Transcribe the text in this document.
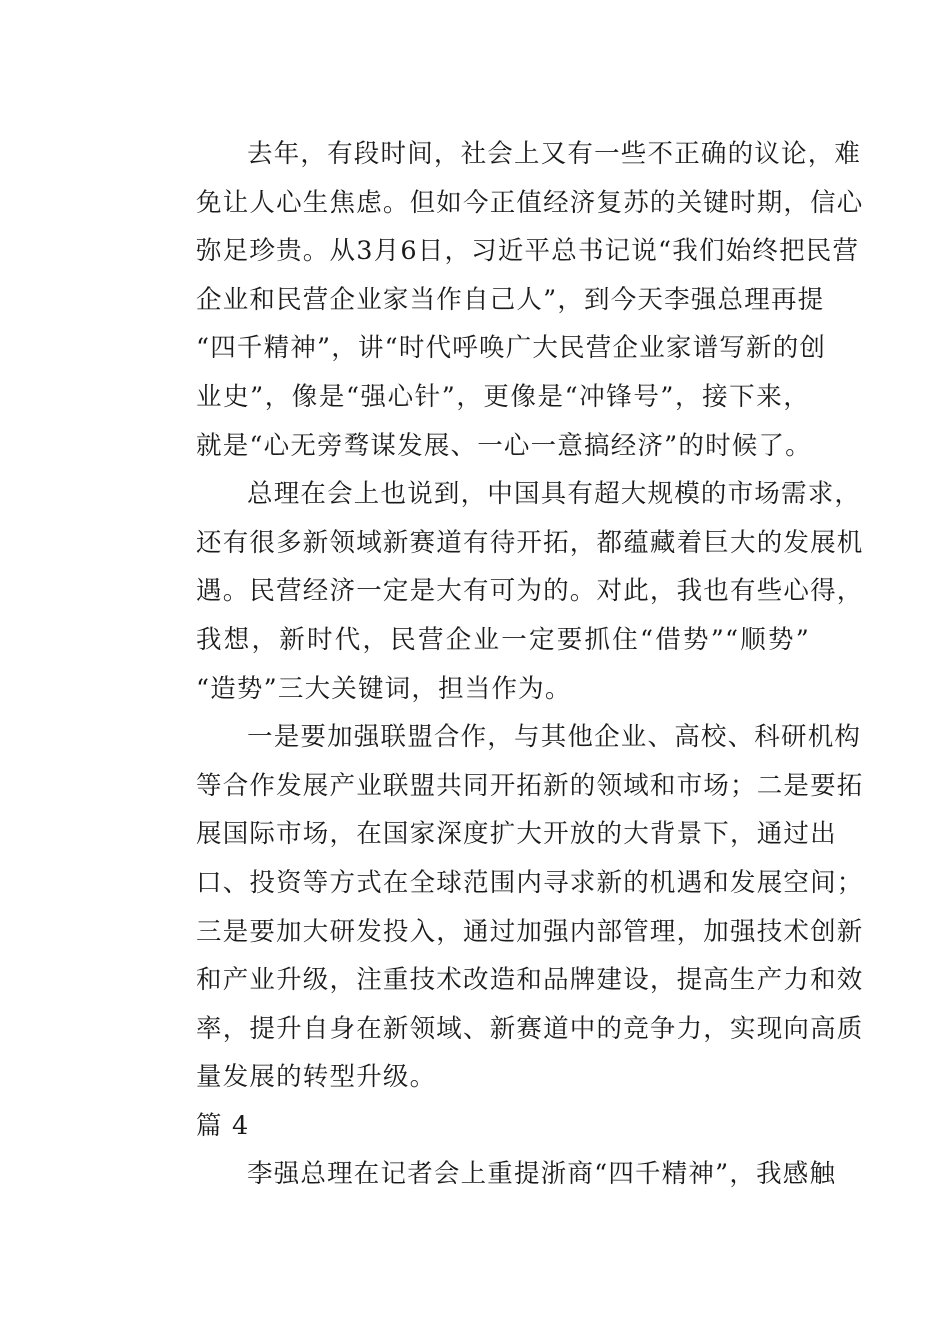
去年，有段时间，社会上又有一些不正确的议论，难
免让人心生焦虑。但如今正值经济复苏的关键时期，信心
弥足珍贵。从3月6日，习近平总书记说“我们始终把民营
企业和民营企业家当作自己人”，到今天李强总理再提
“四千精神”，讲“时代呼唤广大民营企业家谱写新的创
业史”，像是“强心针”，更像是“冲锋号”，接下来，
就是“心无旁骛谋发展、一心一意搞经济”的时候了。
总理在会上也说到，中国具有超大规模的市场需求，
还有很多新领域新赛道有待开拓，都蕴藏着巨大的发展机
遇。民营经济一定是大有可为的。对此，我也有些心得，
我想，新时代，民营企业一定要抓住“借势”“顺势”
“造势”三大关键词，担当作为。
一是要加强联盟合作，与其他企业、高校、科研机构
等合作发展产业联盟共同开拓新的领域和市场；二是要拓
展国际市场，在国家深度扩大开放的大背景下，通过出
口、投资等方式在全球范围内寻求新的机遇和发展空间；
三是要加大研发投入，通过加强内部管理，加强技术创新
和产业升级，注重技术改造和品牌建设，提高生产力和效
率，提升自身在新领域、新赛道中的竞争力，实现向高质
量发展的转型升级。
篇 4
李强总理在记者会上重提浙商“四千精神”，我感触
